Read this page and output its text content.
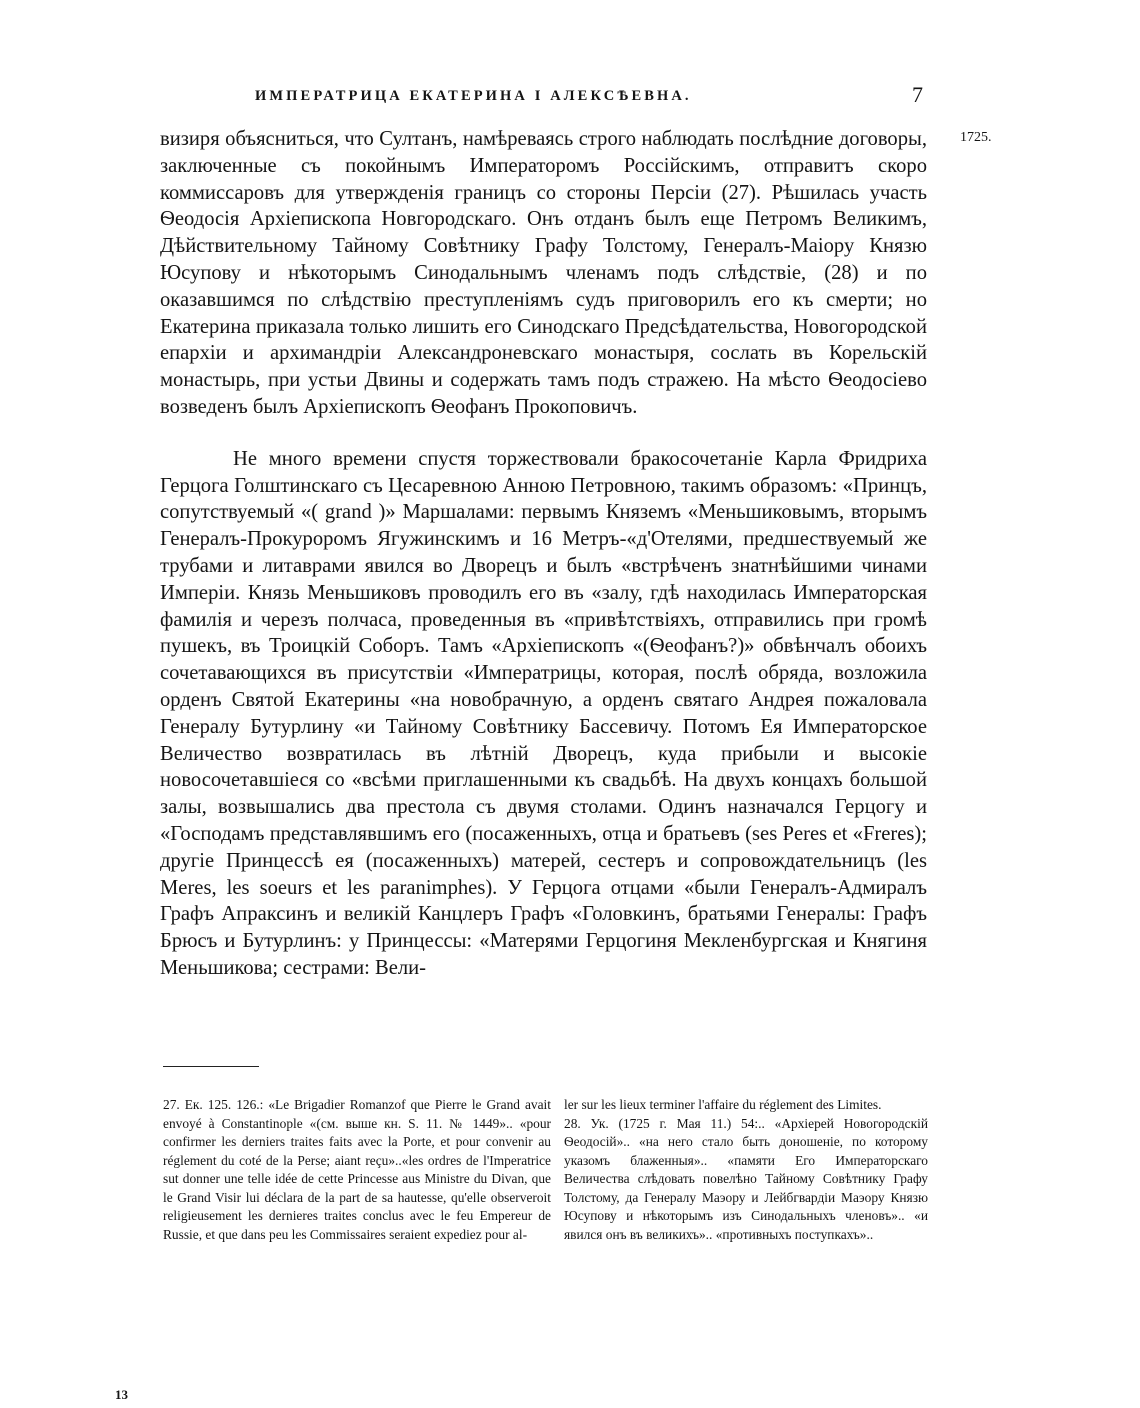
ИМПЕРАТРИЦА ЕКАТЕРИНА I АЛЕКСѢЕВНА.	7
1725.

визиря объясниться, что Султанъ, намѣреваясь строго наблюдать послѣдние договоры, заключенные съ покойнымъ Императоромъ Россійскимъ, отправитъ скоро коммиссаровъ для утвержденія границъ со стороны Персіи (27). Рѣшилась участь Ѳеодосія Архіепископа Новгородскаго. Онъ отданъ былъ еще Петромъ Великимъ, Дѣйствительному Тайному Совѣтнику Графу Толстому, Генералъ-Маіору Князю Юсупову и нѣкоторымъ Синодальнымъ членамъ подъ слѣдствіе, (28) и по оказавшимся по слѣдствію преступленіямъ судъ приговорилъ его къ смерти; но Екатерина приказала только лишить его Синодскаго Предсѣдательства, Новогородской епархіи и архимандріи Александроневскаго монастыря, сослать въ Корельскій монастырь, при устьи Двины и содержать тамъ подъ стражею. На мѣсто Ѳеодосіево возведенъ былъ Архіепископъ Ѳеофанъ Прокоповичъ.

Не много времени спустя торжествовали бракосочетаніе Карла Фридриха Герцога Голштинскаго съ Цесаревною Анною Петровною, такимъ образомъ: «Принцъ, сопутствуемый «( grand )» Маршалами: первымъ Княземъ «Меньшиковымъ, вторымъ Генералъ-Прокуроромъ Ягужинскимъ и 16 Метръ-«д'Отелями, предшествуемый же трубами и литаврами явился во Дворецъ и былъ «встрѣченъ знатнѣйшими чинами Имперіи. Князь Меньшиковъ проводилъ его въ «залу, гдѣ находилась Императорская фамилія и черезъ полчаса, проведенныя въ «привѣтствіяхъ, отправились при громѣ пушекъ, въ Троицкій Соборъ. Тамъ «Архіепископъ «(Ѳеофанъ?)» обвѣнчалъ обоихъ сочетавающихся въ присутствіи «Императрицы, которая, послѣ обряда, возложила орденъ Святой Екатерины «на новобрачную, а орденъ святаго Андрея пожаловала Генералу Бутурлину «и Тайному Совѣтнику Бассевичу. Потомъ Ея Императорское Величество возвратилась въ лѣтній Дворецъ, куда прибыли и высокіе новосочетавшіеся со «всѣми приглашенными къ свадьбѣ. На двухъ концахъ большой залы, возвышались два престола съ двумя столами. Одинъ назначался Герцогу и «Господамъ представлявшимъ его (посаженныхъ, отца и братьевъ (ses Peres et «Freres); другіе Принцессѣ ея (посаженныхъ) матерей, сестеръ и сопровождательницъ (les Meres, les soeurs et les paranimphes). У Герцога отцами «были Генералъ-Адмиралъ Графъ Апраксинъ и великій Канцлеръ Графъ «Головкинъ, братьями Генералы: Графъ Брюсъ и Бутурлинъ: у Принцессы: «Матерями Герцогиня Мекленбургская и Княгиня Меньшикова; сестрами: Вели-

27. Ек. 125. 126.: «Le Brigadier Romanzof que Pierre le Grand avait envoyé à Constantinople «(см. выше кн. S. 11. № 1449».. «pour confirmer les derniers traites faits avec la Porte, et pour convenir au réglement du coté de la Perse; aiant reçu»..«les ordres de l'Imperatrice sut donner une telle idée de cette Princesse aus Ministre du Divan, que le Grand Visir lui déclara de la part de sa hautesse, qu'elle observeroit religieusement les dernieres traites conclus avec le feu Empereur de Russie, et que dans peu les Commissaires seraient expediez pour al-

ler sur les lieux terminer l'affaire du réglement des Limites.

28. Ук. (1725 г. Мая 11.) 54:.. «Архіерей Новогородскій Ѳеодосій».. «на него стало быть доношеніе, по которому указомъ блаженныя».. «памяти Его Императорскаго Величества слѣдовать повелѣно Тайному Совѣтнику Графу Толстому, да Генералу Маэору и Лейбгвардіи Маэору Князю Юсупову и нѣкоторымъ изъ Синодальныхъ членовъ».. «и явился онъ въ великихъ».. «противныхъ поступкахъ»..

13
